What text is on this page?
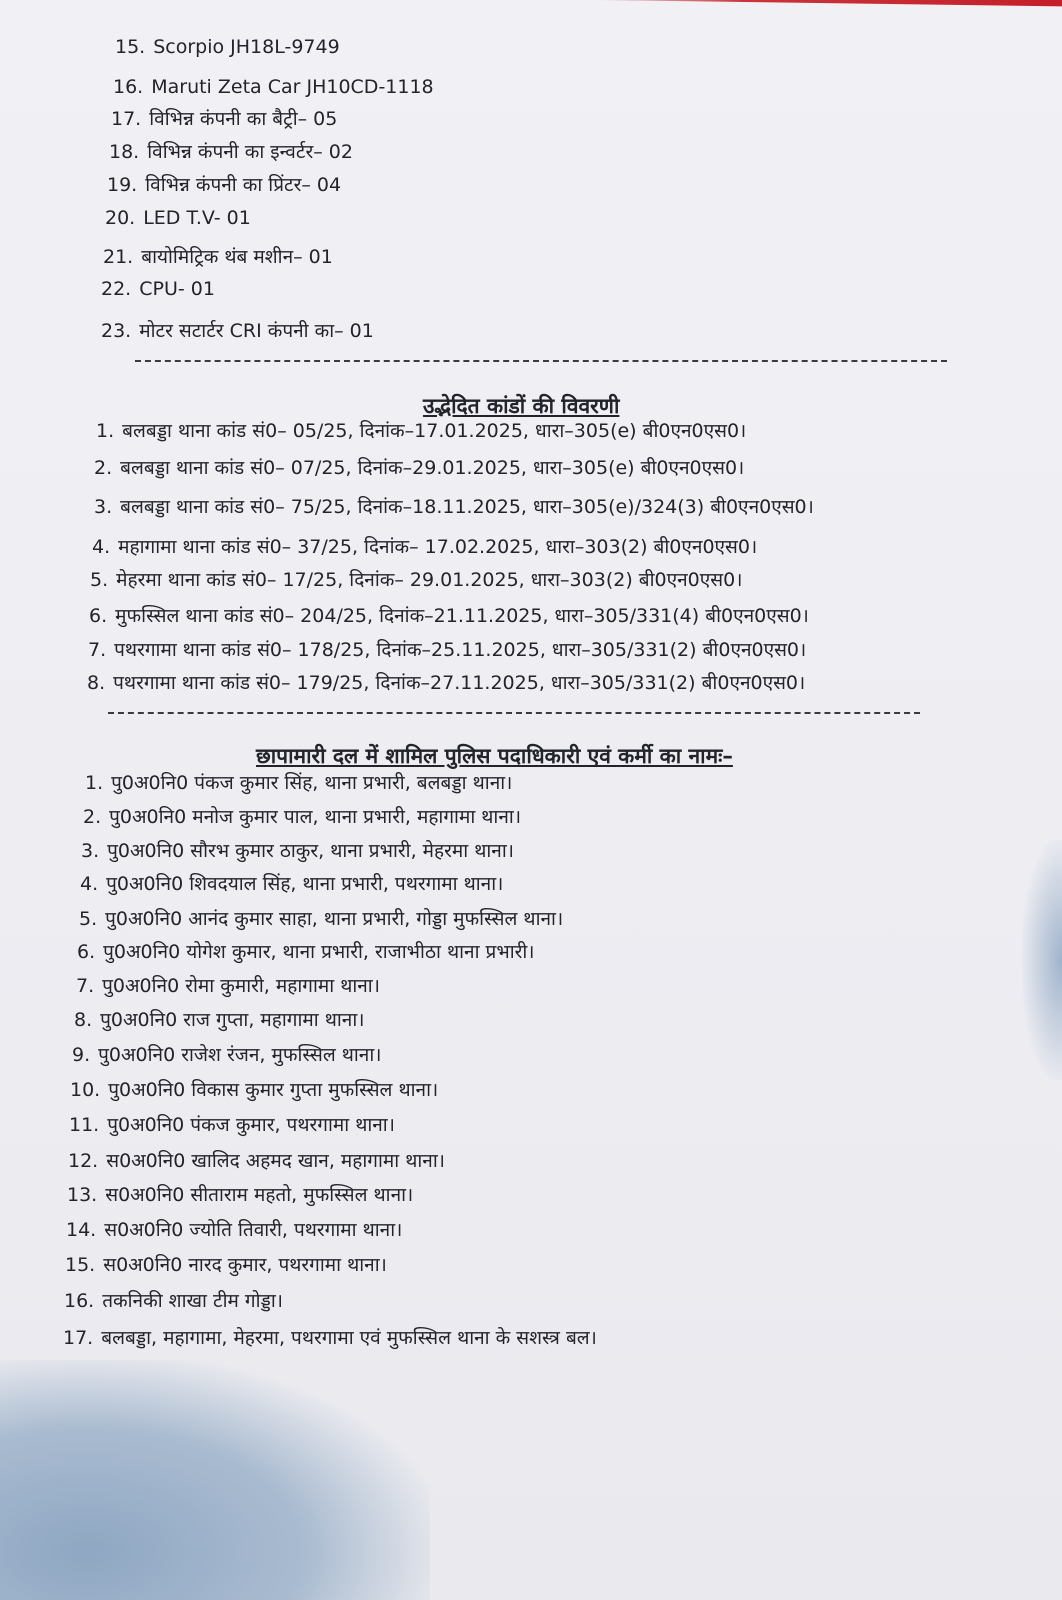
15. Scorpio JH18L-9749
16. Maruti Zeta Car JH10CD-1118
17. विभिन्न कंपनी का बैट्री– 05
18. विभिन्न कंपनी का इन्वर्टर– 02
19. विभिन्न कंपनी का प्रिंटर– 04
20. LED T.V- 01
21. बायोमिट्रिक थंब मशीन– 01
22. CPU- 01
23. मोटर सटार्टर CRI कंपनी का– 01
उद्भेदित कांडों की विवरणी
1. बलबड्डा थाना कांड सं0– 05/25, दिनांक–17.01.2025, धारा–305(e) बी0एन0एस0।
2. बलबड्डा थाना कांड सं0– 07/25, दिनांक–29.01.2025, धारा–305(e) बी0एन0एस0।
3. बलबड्डा थाना कांड सं0– 75/25, दिनांक–18.11.2025, धारा–305(e)/324(3) बी0एन0एस0।
4. महागामा थाना कांड सं0– 37/25, दिनांक– 17.02.2025, धारा–303(2) बी0एन0एस0।
5. मेहरमा थाना कांड सं0– 17/25, दिनांक– 29.01.2025, धारा–303(2) बी0एन0एस0।
6. मुफस्सिल थाना कांड सं0– 204/25, दिनांक–21.11.2025, धारा–305/331(4) बी0एन0एस0।
7. पथरगामा थाना कांड सं0– 178/25, दिनांक–25.11.2025, धारा–305/331(2) बी0एन0एस0।
8. पथरगामा थाना कांड सं0– 179/25, दिनांक–27.11.2025, धारा–305/331(2) बी0एन0एस0।
छापामारी दल में शामिल पुलिस पदाधिकारी एवं कर्मी का नामः–
1. पु0अ0नि0 पंकज कुमार सिंह, थाना प्रभारी, बलबड्डा थाना।
2. पु0अ0नि0 मनोज कुमार पाल, थाना प्रभारी, महागामा थाना।
3. पु0अ0नि0 सौरभ कुमार ठाकुर, थाना प्रभारी, मेहरमा थाना।
4. पु0अ0नि0 शिवदयाल सिंह, थाना प्रभारी, पथरगामा थाना।
5. पु0अ0नि0 आनंद कुमार साहा, थाना प्रभारी, गोड्डा मुफस्सिल थाना।
6. पु0अ0नि0 योगेश कुमार, थाना प्रभारी, राजाभीठा थाना प्रभारी।
7. पु0अ0नि0 रोमा कुमारी, महागामा थाना।
8. पु0अ0नि0 राज गुप्ता, महागामा थाना।
9. पु0अ0नि0 राजेश रंजन, मुफस्सिल थाना।
10. पु0अ0नि0 विकास कुमार गुप्ता मुफस्सिल थाना।
11. पु0अ0नि0 पंकज कुमार, पथरगामा थाना।
12. स0अ0नि0 खालिद अहमद खान, महागामा थाना।
13. स0अ0नि0 सीताराम महतो, मुफस्सिल थाना।
14. स0अ0नि0 ज्योति तिवारी, पथरगामा थाना।
15. स0अ0नि0 नारद कुमार, पथरगामा थाना।
16. तकनिकी शाखा टीम गोड्डा।
17. बलबड्डा, महागामा, मेहरमा, पथरगामा एवं मुफस्सिल थाना के सशस्त्र बल।
